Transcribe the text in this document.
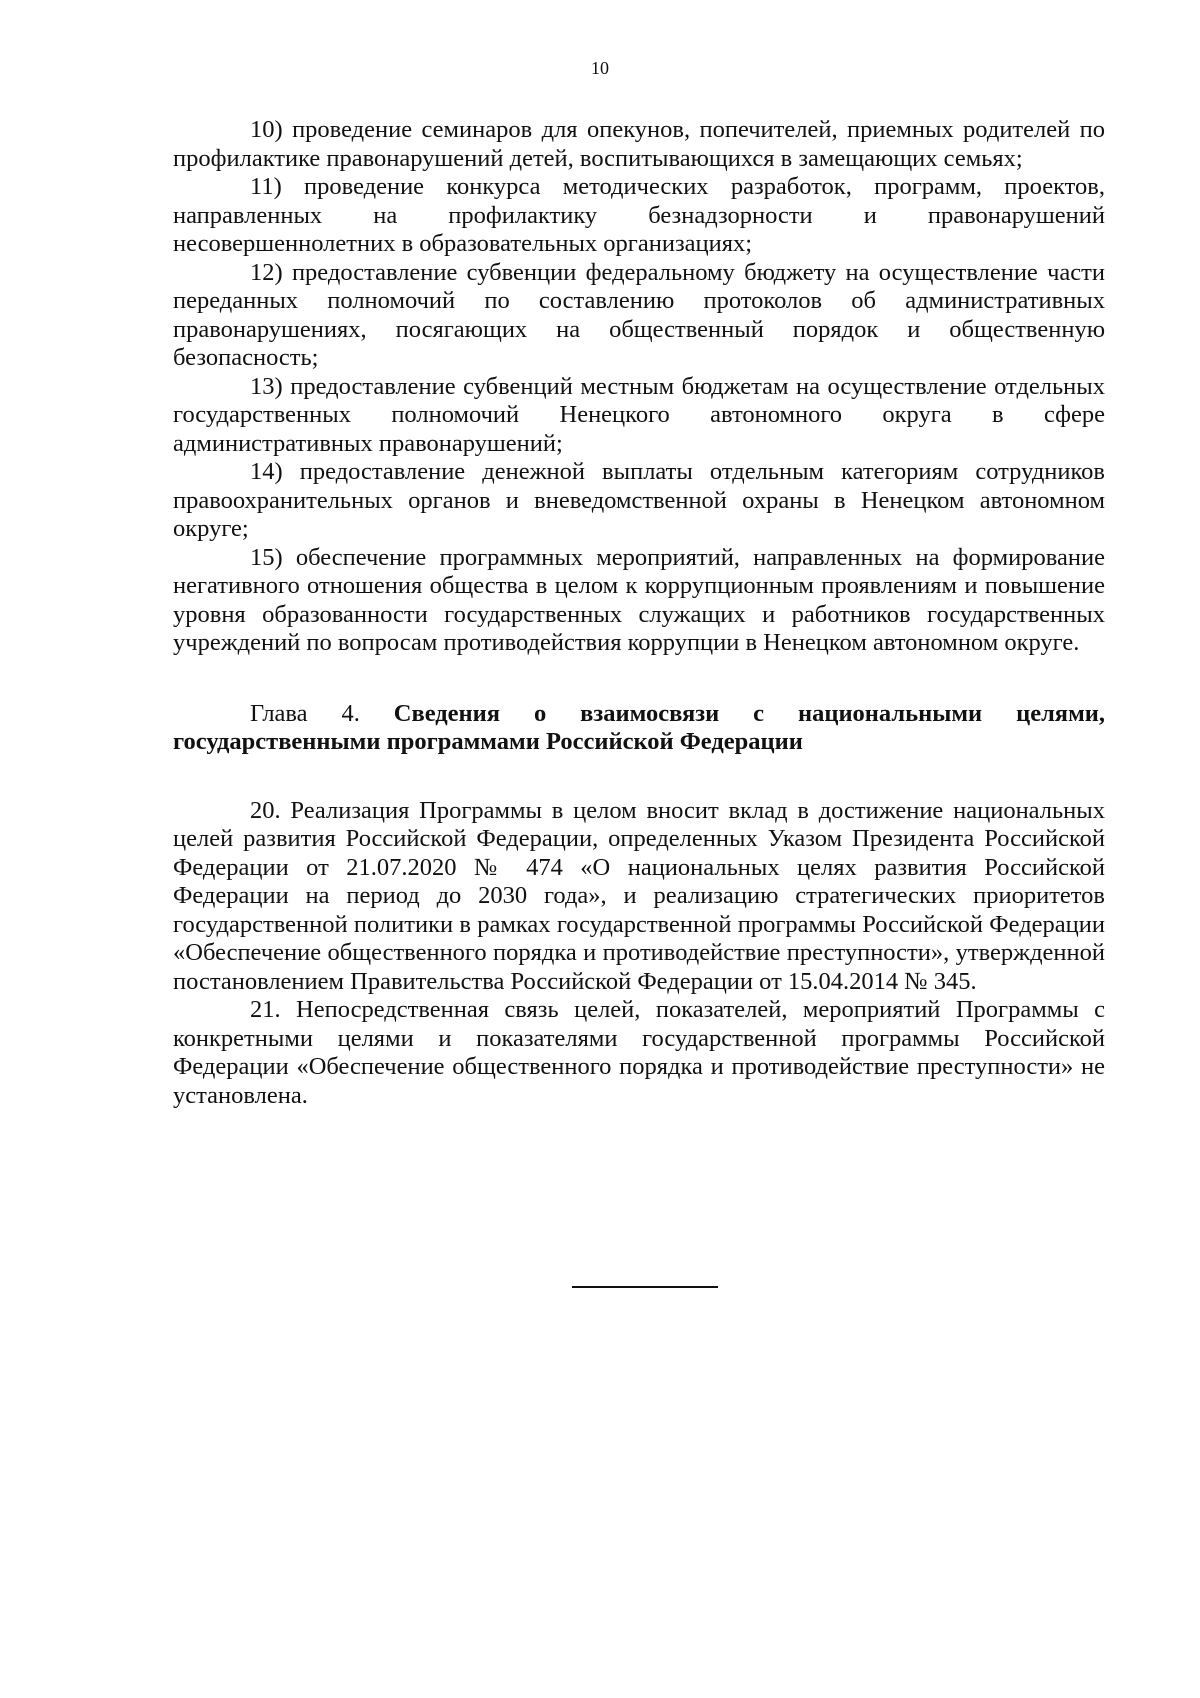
10

10) проведение семинаров для опекунов, попечителей, приемных родителей по профилактике правонарушений детей, воспитывающихся в замещающих семьях;

11) проведение конкурса методических разработок, программ, проектов, направленных на профилактику безнадзорности и правонарушений несовершеннолетних в образовательных организациях;

12) предоставление субвенции федеральному бюджету на осуществление части переданных полномочий по составлению протоколов об административных правонарушениях, посягающих на общественный порядок и общественную безопасность;

13) предоставление субвенций местным бюджетам на осуществление отдельных государственных полномочий Ненецкого автономного округа в сфере административных правонарушений;

14) предоставление денежной выплаты отдельным категориям сотрудников правоохранительных органов и вневедомственной охраны в Ненецком автономном округе;

15) обеспечение программных мероприятий, направленных на формирование негативного отношения общества в целом к коррупционным проявлениям и повышение уровня образованности государственных служащих и работников государственных учреждений по вопросам противодействия коррупции в Ненецком автономном округе.

Глава 4. Сведения о взаимосвязи с национальными целями, государственными программами Российской Федерации

20. Реализация Программы в целом вносит вклад в достижение национальных целей развития Российской Федерации, определенных Указом Президента Российской Федерации от 21.07.2020 № 474 «О национальных целях развития Российской Федерации на период до 2030 года», и реализацию стратегических приоритетов государственной политики в рамках государственной программы Российской Федерации «Обеспечение общественного порядка и противодействие преступности», утвержденной постановлением Правительства Российской Федерации от 15.04.2014 № 345.

21. Непосредственная связь целей, показателей, мероприятий Программы с конкретными целями и показателями государственной программы Российской Федерации «Обеспечение общественного порядка и противодействие преступности» не установлена.
